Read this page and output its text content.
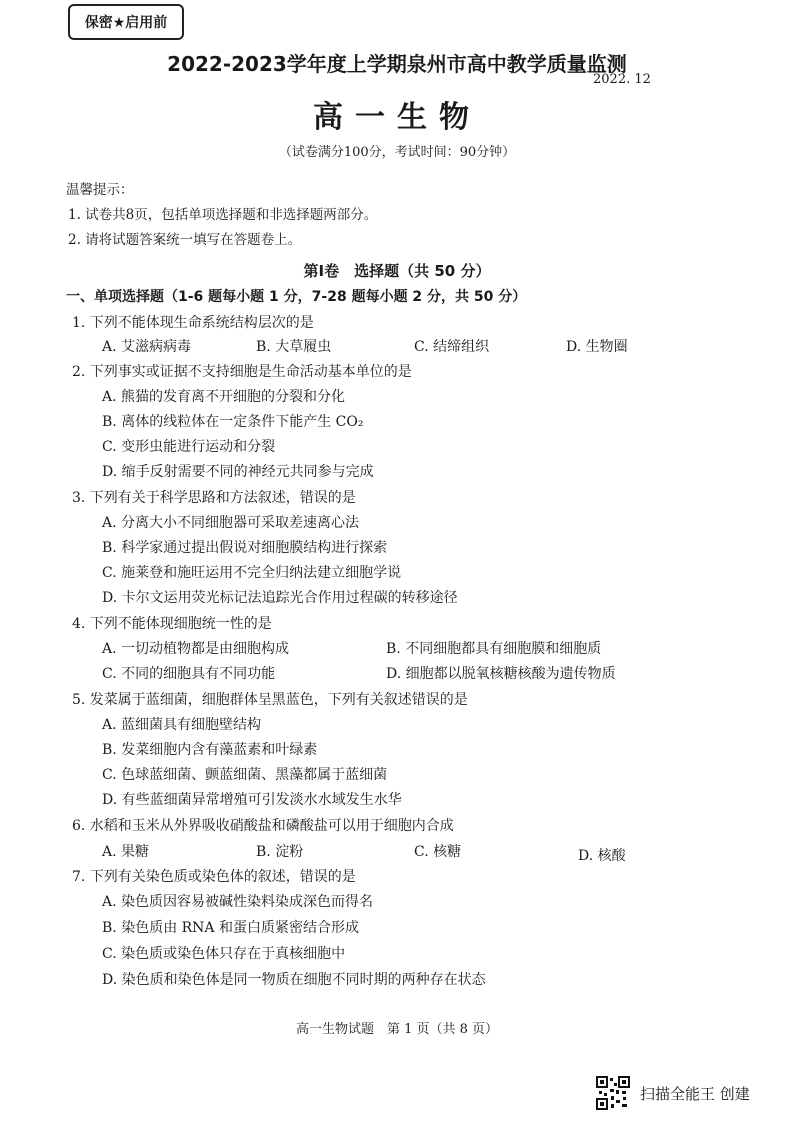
保密★启用前
2022-2023学年度上学期泉州市高中教学质量监测
2022. 12
高一生物
（试卷满分100分，考试时间：90分钟）
温馨提示：
1. 试卷共8页，包括单项选择题和非选择题两部分。
2. 请将试题答案统一填写在答题卷上。
第Ⅰ卷　选择题（共 50 分）
一、单项选择题（1-6 题每小题 1 分，7-28 题每小题 2 分，共 50 分）
1. 下列不能体现生命系统结构层次的是
A. 艾滋病病毒	B. 大草履虫	C. 结缔组织	D. 生物圈
2. 下列事实或证据不支持细胞是生命活动基本单位的是
A. 熊猫的发育离不开细胞的分裂和分化
B. 离体的线粒体在一定条件下能产生 CO₂
C. 变形虫能进行运动和分裂
D. 缩手反射需要不同的神经元共同参与完成
3. 下列有关于科学思路和方法叙述，错误的是
A. 分离大小不同细胞器可采取差速离心法
B. 科学家通过提出假说对细胞膜结构进行探索
C. 施莱登和施旺运用不完全归纳法建立细胞学说
D. 卡尔文运用荧光标记法追踪光合作用过程碳的转移途径
4. 下列不能体现细胞统一性的是
A. 一切动植物都是由细胞构成	B. 不同细胞都具有细胞膜和细胞质
C. 不同的细胞具有不同功能	D. 细胞都以脱氧核糖核酸为遗传物质
5. 发菜属于蓝细菌，细胞群体呈黑蓝色，下列有关叙述错误的是
A. 蓝细菌具有细胞壁结构
B. 发菜细胞内含有藻蓝素和叶绿素
C. 色球蓝细菌、颤蓝细菌、黑藻都属于蓝细菌
D. 有些蓝细菌异常增殖可引发淡水水域发生水华
6. 水稻和玉米从外界吸收硝酸盐和磷酸盐可以用于细胞内合成
A. 果糖	B. 淀粉	C. 核糖	D. 核酸
7. 下列有关染色质或染色体的叙述，错误的是
A. 染色质因容易被碱性染料染成深色而得名
B. 染色质由 RNA 和蛋白质紧密结合形成
C. 染色质或染色体只存在于真核细胞中
D. 染色质和染色体是同一物质在细胞不同时期的两种存在状态
高一生物试题　第 1 页（共 8 页）
扫描全能王 创建
